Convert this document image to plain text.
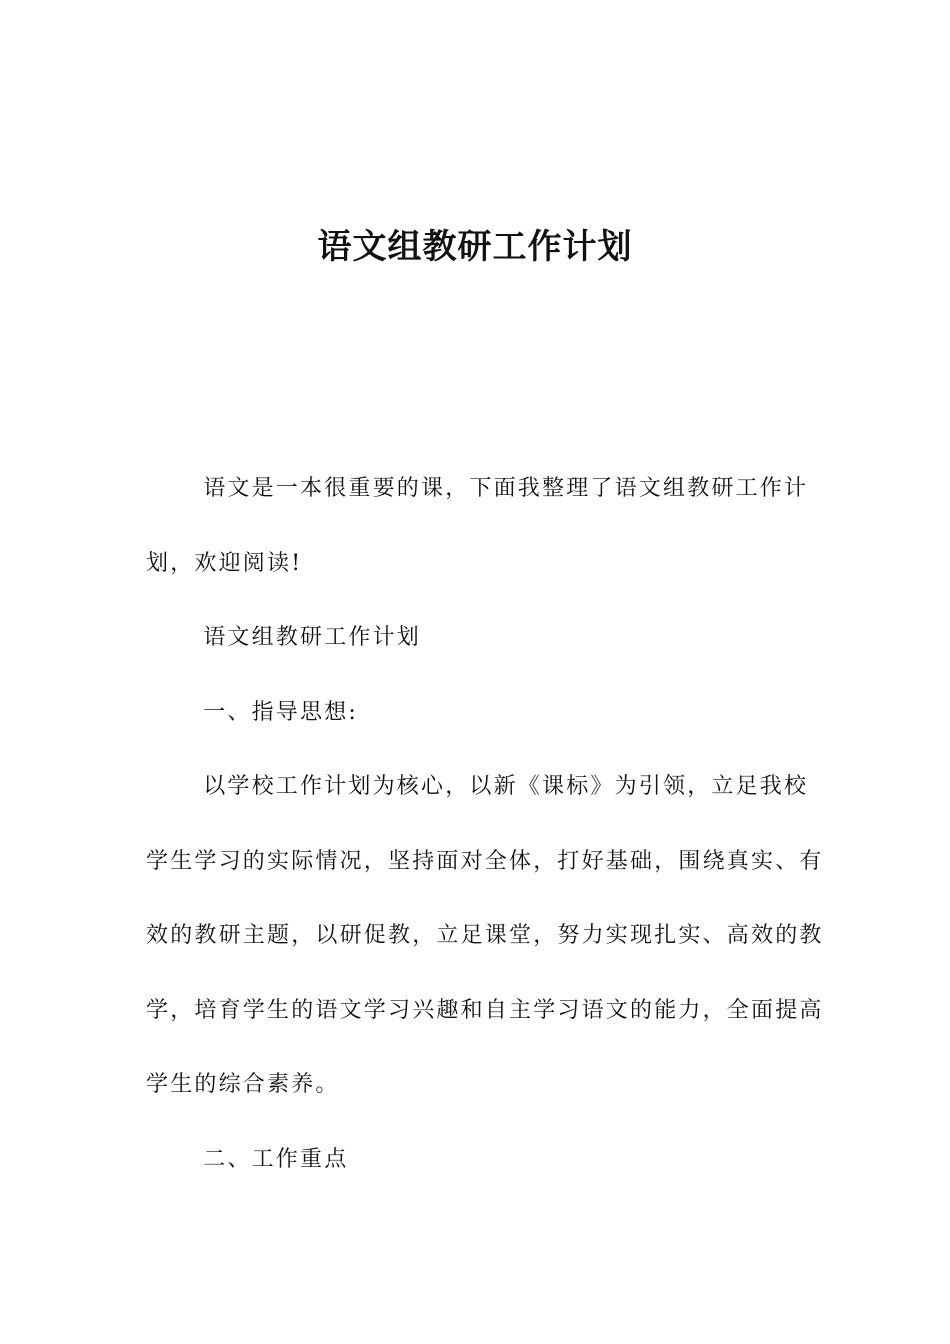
语文组教研工作计划

语文是一本很重要的课，下面我整理了语文组教研工作计划，欢迎阅读!

语文组教研工作计划

一、指导思想:

以学校工作计划为核心，以新《课标》为引领，立足我校学生学习的实际情况，坚持面对全体，打好基础，围绕真实、有效的教研主题，以研促教，立足课堂，努力实现扎实、高效的教学，培育学生的语文学习兴趣和自主学习语文的能力，全面提高学生的综合素养。

二、工作重点
